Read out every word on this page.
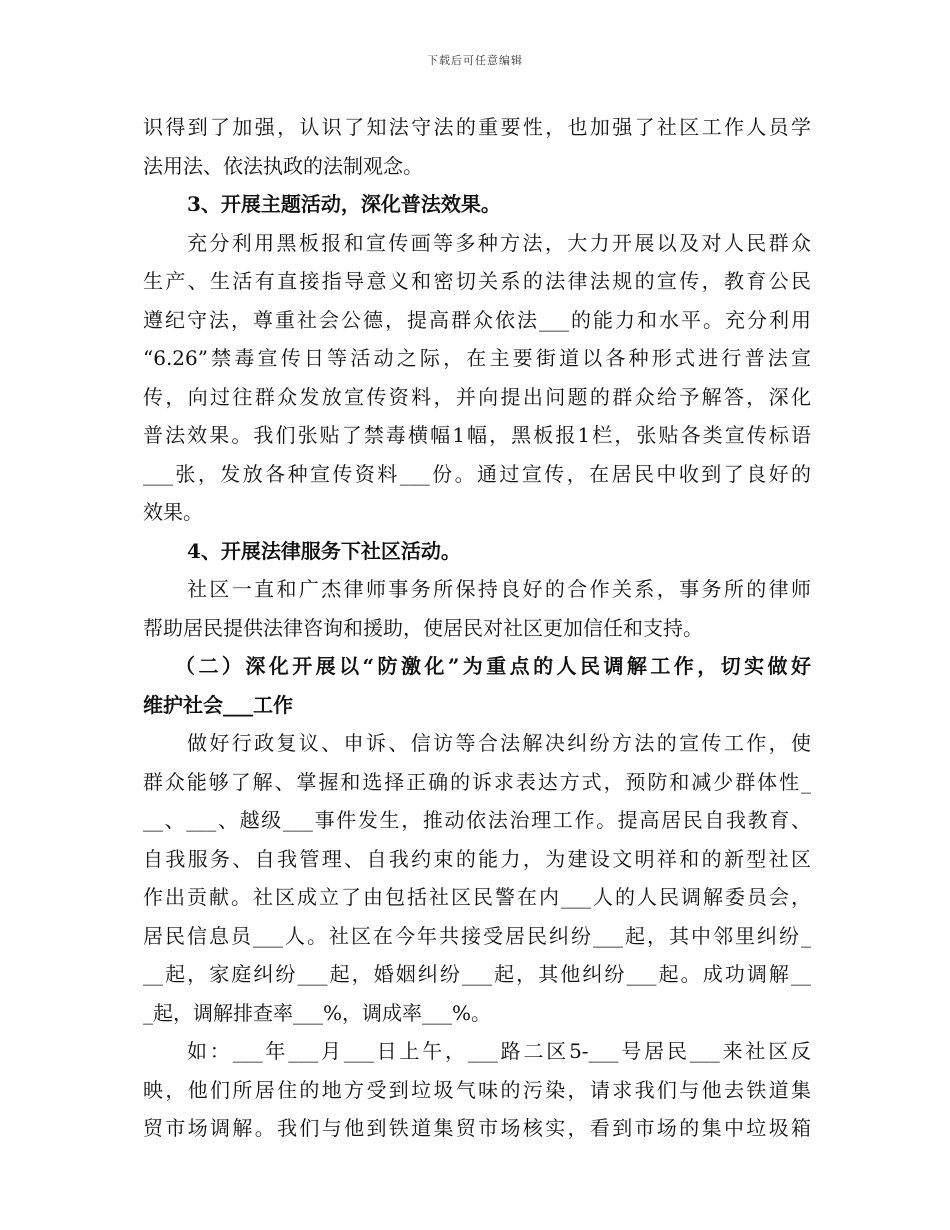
下载后可任意编辑
识得到了加强，认识了知法守法的重要性，也加强了社区工作人员学
法用法、依法执政的法制观念。
3、开展主题活动，深化普法效果。
充分利用黑板报和宣传画等多种方法，大力开展以及对人民群众
生产、生活有直接指导意义和密切关系的法律法规的宣传，教育公民
遵纪守法，尊重社会公德，提高群众依法___的能力和水平。充分利用
“6.26”禁毒宣传日等活动之际，在主要街道以各种形式进行普法宣
传，向过往群众发放宣传资料，并向提出问题的群众给予解答，深化
普法效果。我们张贴了禁毒横幅1幅，黑板报1栏，张贴各类宣传标语
___张，发放各种宣传资料___份。通过宣传，在居民中收到了良好的
效果。
4、开展法律服务下社区活动。
社区一直和广杰律师事务所保持良好的合作关系，事务所的律师
帮助居民提供法律咨询和援助，使居民对社区更加信任和支持。
（二）深化开展以“防激化”为重点的人民调解工作，切实做好
维护社会___工作
做好行政复议、申诉、信访等合法解决纠纷方法的宣传工作，使
群众能够了解、掌握和选择正确的诉求表达方式，预防和减少群体性_
__、___、越级___事件发生，推动依法治理工作。提高居民自我教育、
自我服务、自我管理、自我约束的能力，为建设文明祥和的新型社区
作出贡献。社区成立了由包括社区民警在内___人的人民调解委员会，
居民信息员___人。社区在今年共接受居民纠纷___起，其中邻里纠纷_
__起，家庭纠纷___起，婚姻纠纷___起，其他纠纷___起。成功调解__
_起，调解排查率___%，调成率___%。
如：___年___月___日上午，___路二区5-___号居民___来社区反
映，他们所居住的地方受到垃圾气味的污染，请求我们与他去铁道集
贸市场调解。我们与他到铁道集贸市场核实，看到市场的集中垃圾箱
